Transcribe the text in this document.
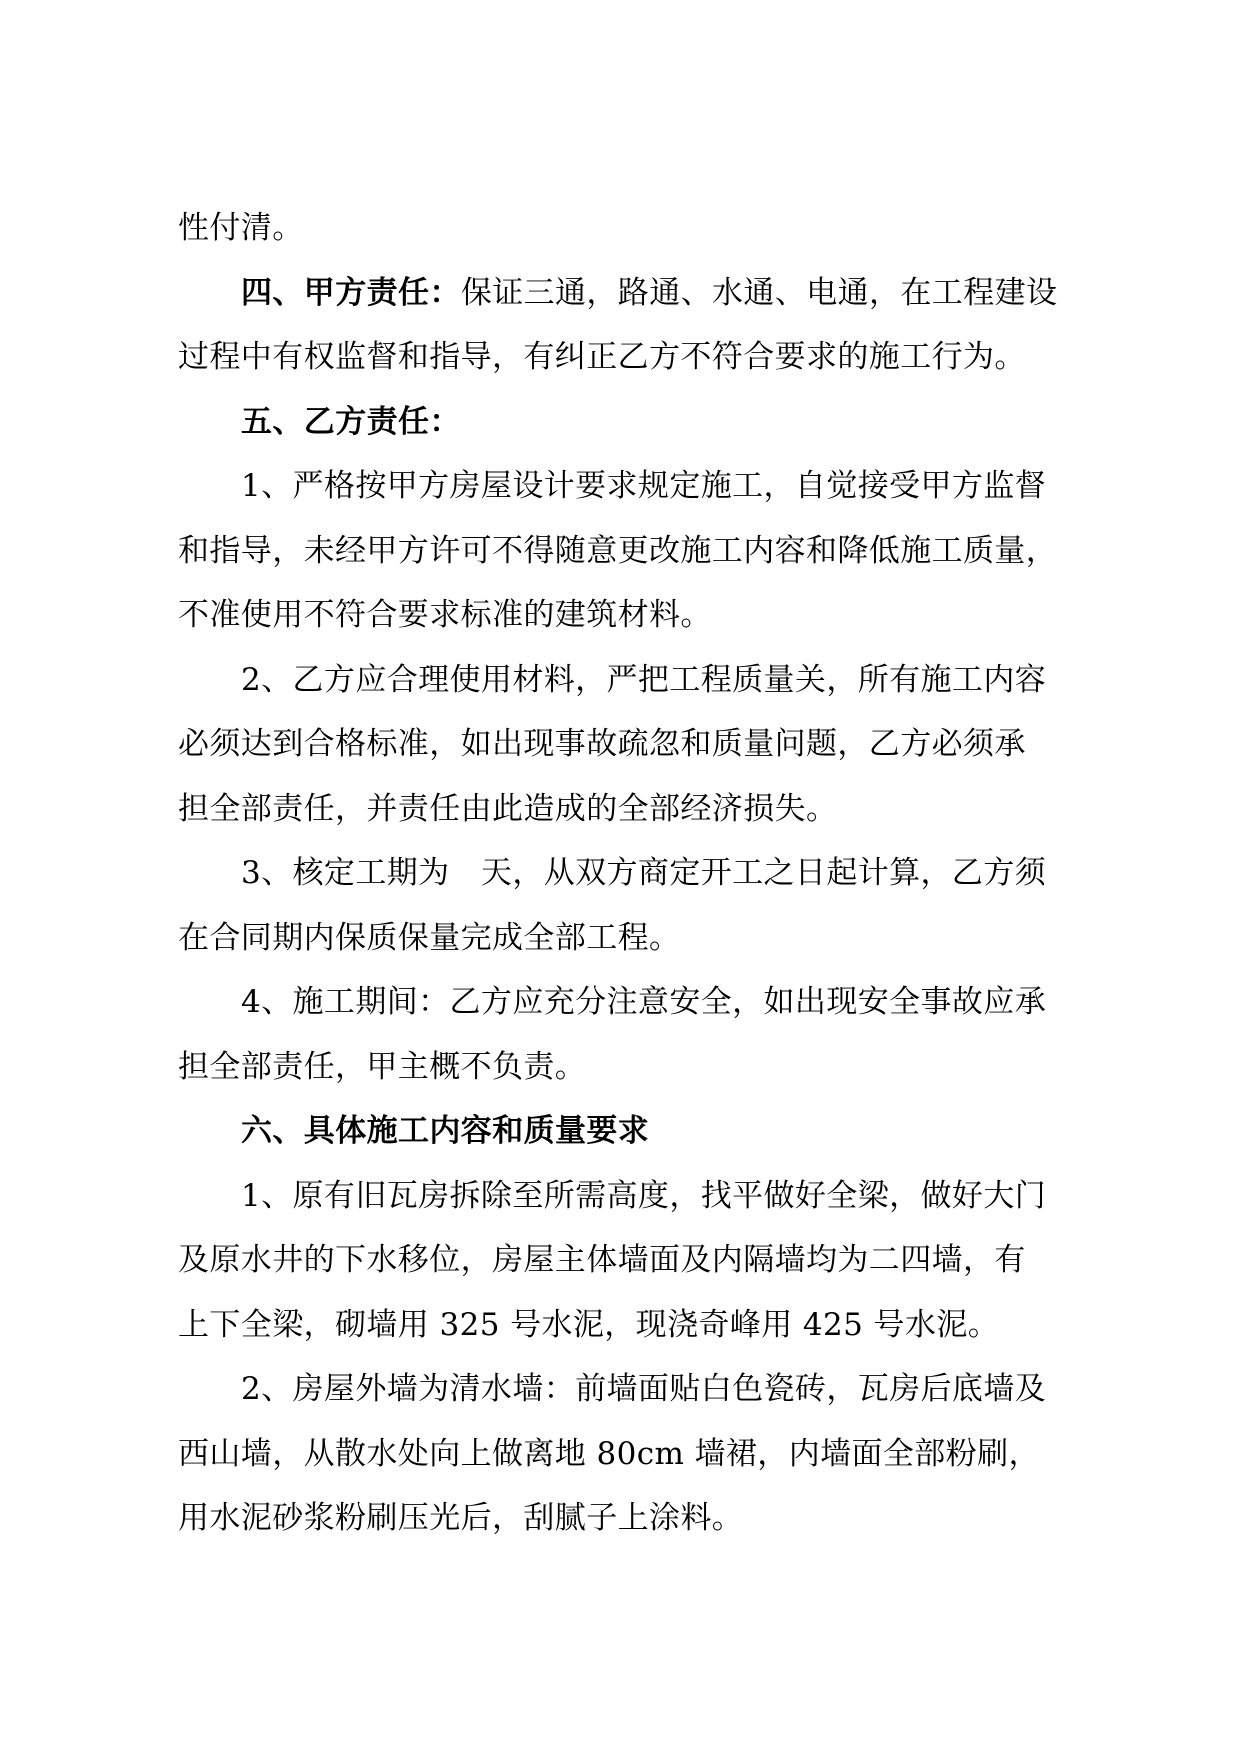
性付清。
四、甲方责任：保证三通，路通、水通、电通，在工程建设
过程中有权监督和指导，有纠正乙方不符合要求的施工行为。
五、乙方责任：
1、严格按甲方房屋设计要求规定施工，自觉接受甲方监督
和指导，未经甲方许可不得随意更改施工内容和降低施工质量，
不准使用不符合要求标准的建筑材料。
2、乙方应合理使用材料，严把工程质量关，所有施工内容
必须达到合格标准，如出现事故疏忽和质量问题，乙方必须承
担全部责任，并责任由此造成的全部经济损失。
3、核定工期为　天，从双方商定开工之日起计算，乙方须
在合同期内保质保量完成全部工程。
4、施工期间：乙方应充分注意安全，如出现安全事故应承
担全部责任，甲主概不负责。
六、具体施工内容和质量要求
1、原有旧瓦房拆除至所需高度，找平做好全梁，做好大门
及原水井的下水移位，房屋主体墙面及内隔墙均为二四墙，有
上下全梁，砌墙用 325 号水泥，现浇奇峰用 425 号水泥。
2、房屋外墙为清水墙：前墙面贴白色瓷砖，瓦房后底墙及
西山墙，从散水处向上做离地 80cm 墙裙，内墙面全部粉刷，
用水泥砂浆粉刷压光后，刮腻子上涂料。
